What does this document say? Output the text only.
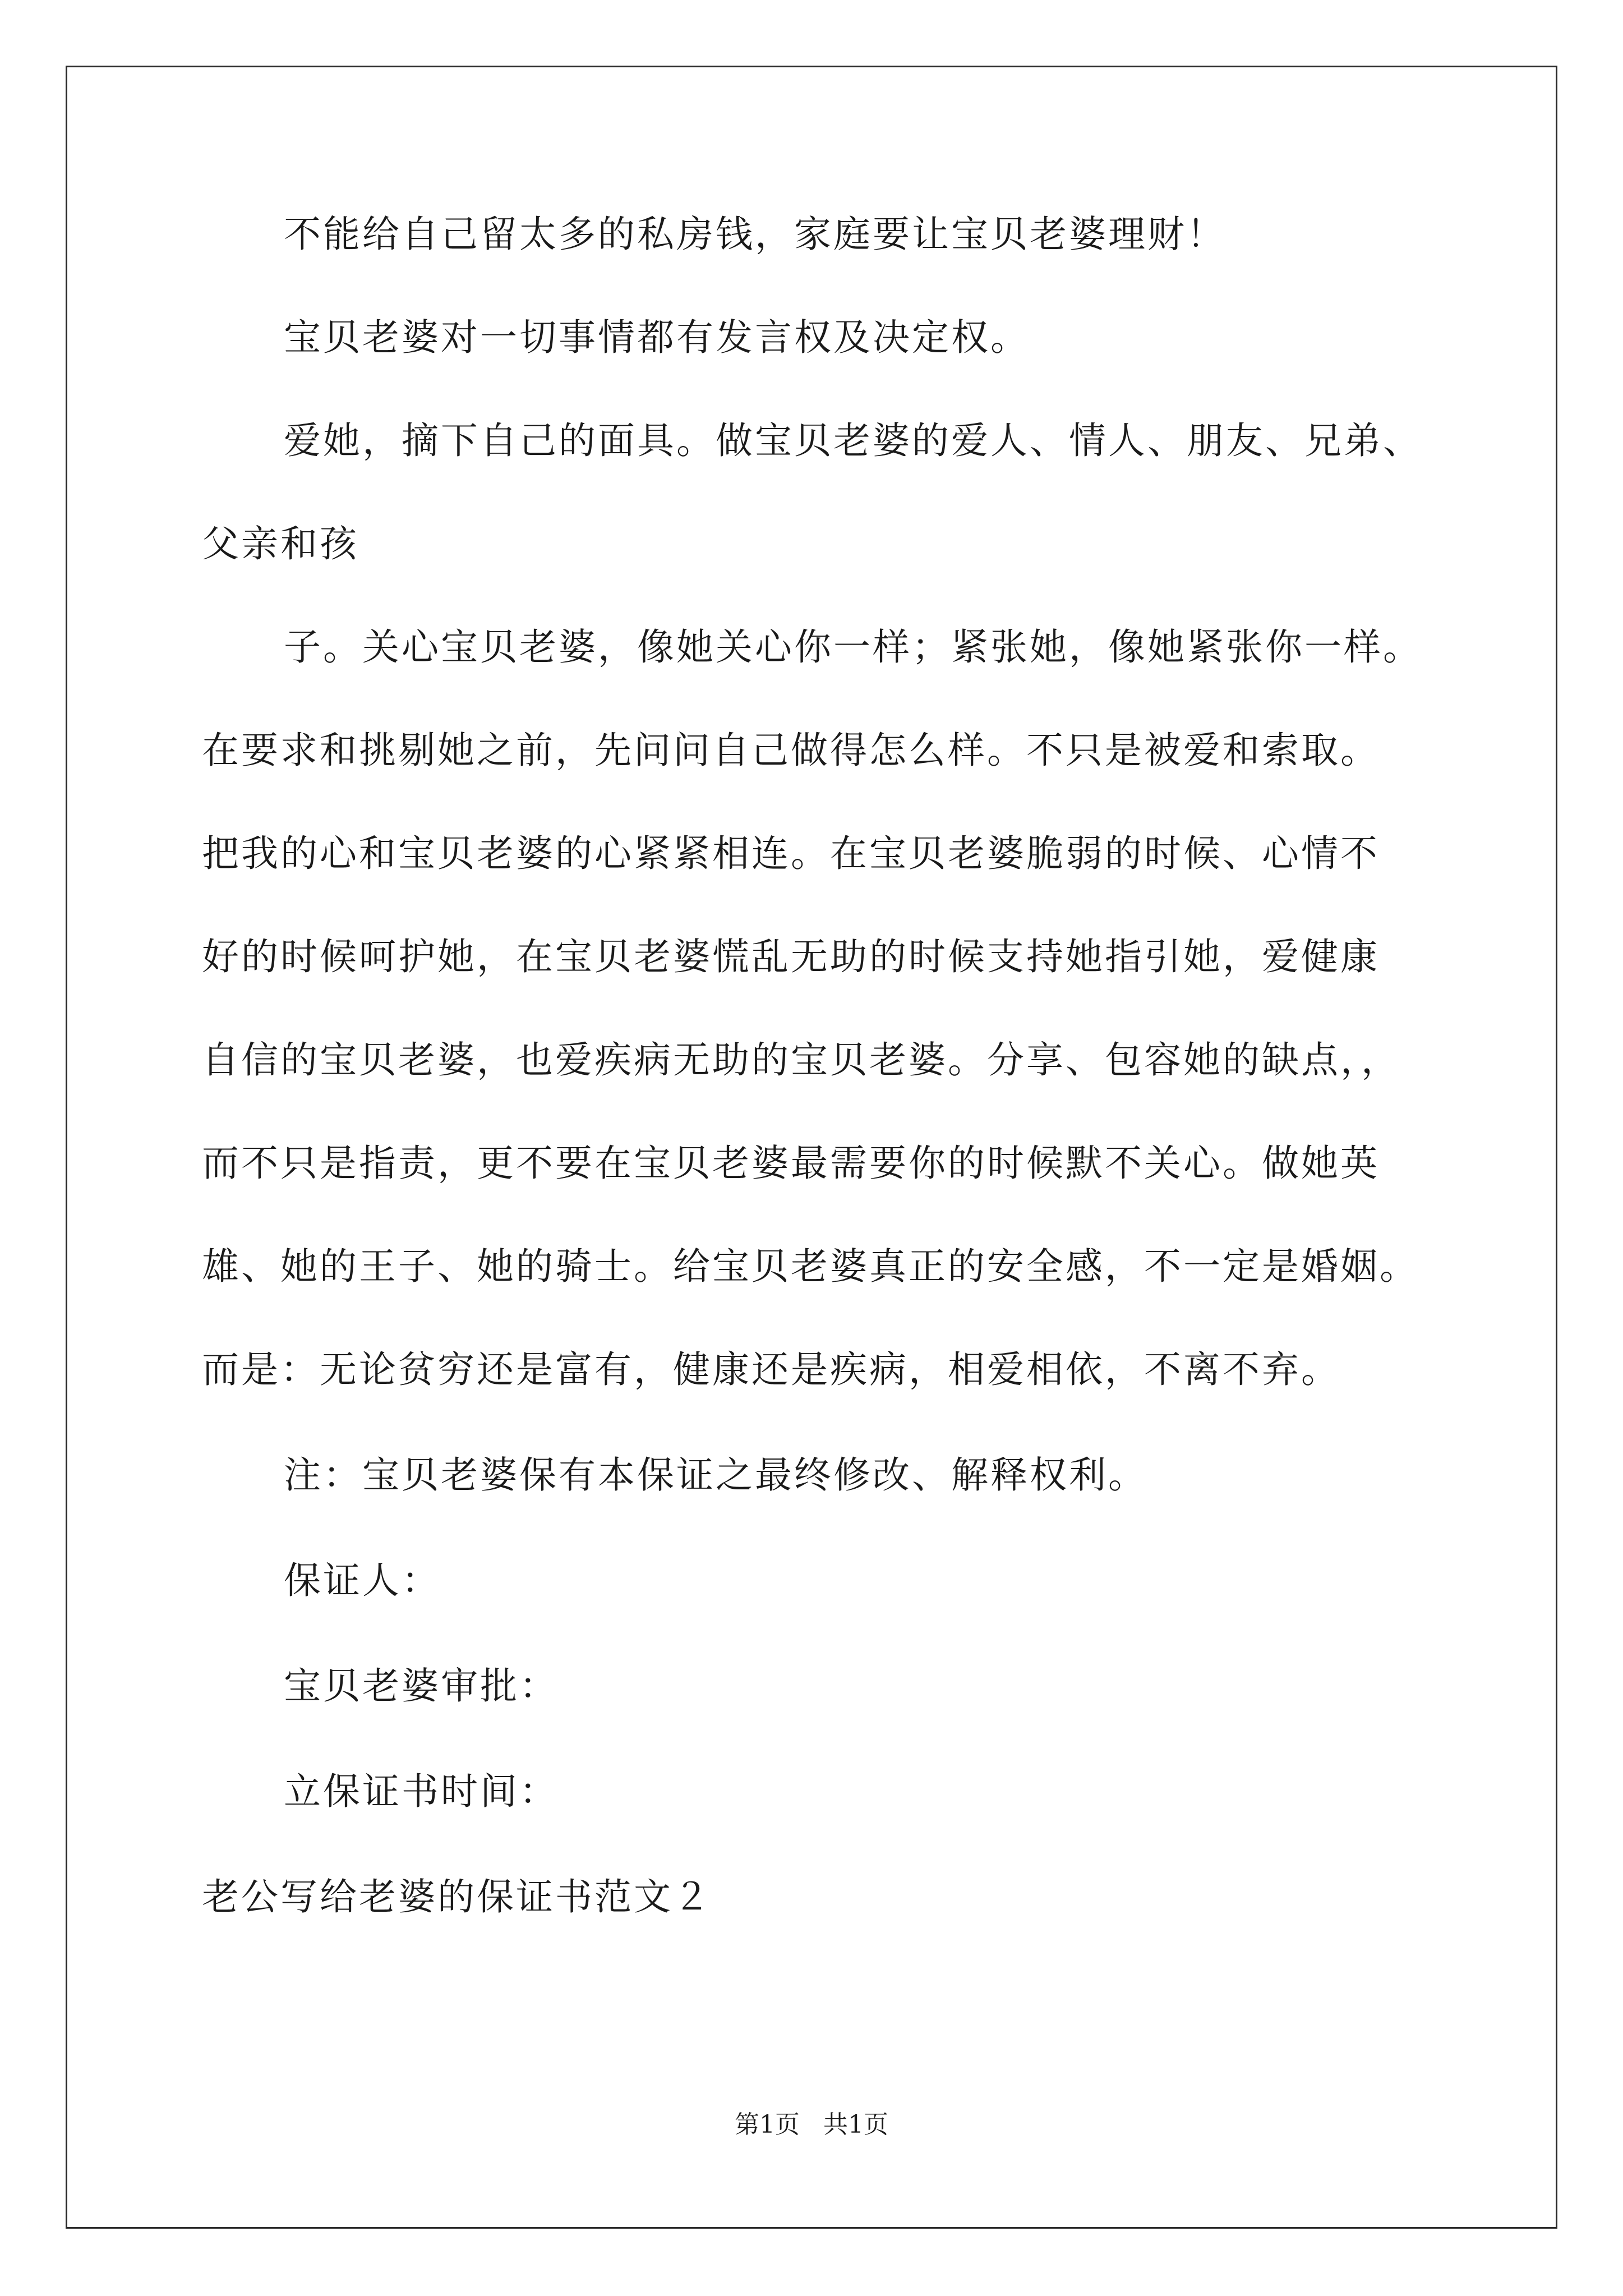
不能给自己留太多的私房钱，家庭要让宝贝老婆理财！

宝贝老婆对一切事情都有发言权及决定权。

爱她，摘下自己的面具。做宝贝老婆的爱人、情人、朋友、兄弟、

父亲和孩

子。关心宝贝老婆，像她关心你一样；紧张她，像她紧张你一样。

在要求和挑剔她之前，先问问自己做得怎么样。不只是被爱和索取。

把我的心和宝贝老婆的心紧紧相连。在宝贝老婆脆弱的时候、心情不

好的时候呵护她，在宝贝老婆慌乱无助的时候支持她指引她，爱健康

自信的宝贝老婆，也爱疾病无助的宝贝老婆。分享、包容她的缺点，，

而不只是指责，更不要在宝贝老婆最需要你的时候默不关心。做她英

雄、她的王子、她的骑士。给宝贝老婆真正的安全感，不一定是婚姻。

而是：无论贫穷还是富有，健康还是疾病，相爱相依，不离不弃。

注：宝贝老婆保有本保证之最终修改、解释权利。

保证人：

宝贝老婆审批：

立保证书时间：

老公写给老婆的保证书范文２

第1页   共1页
